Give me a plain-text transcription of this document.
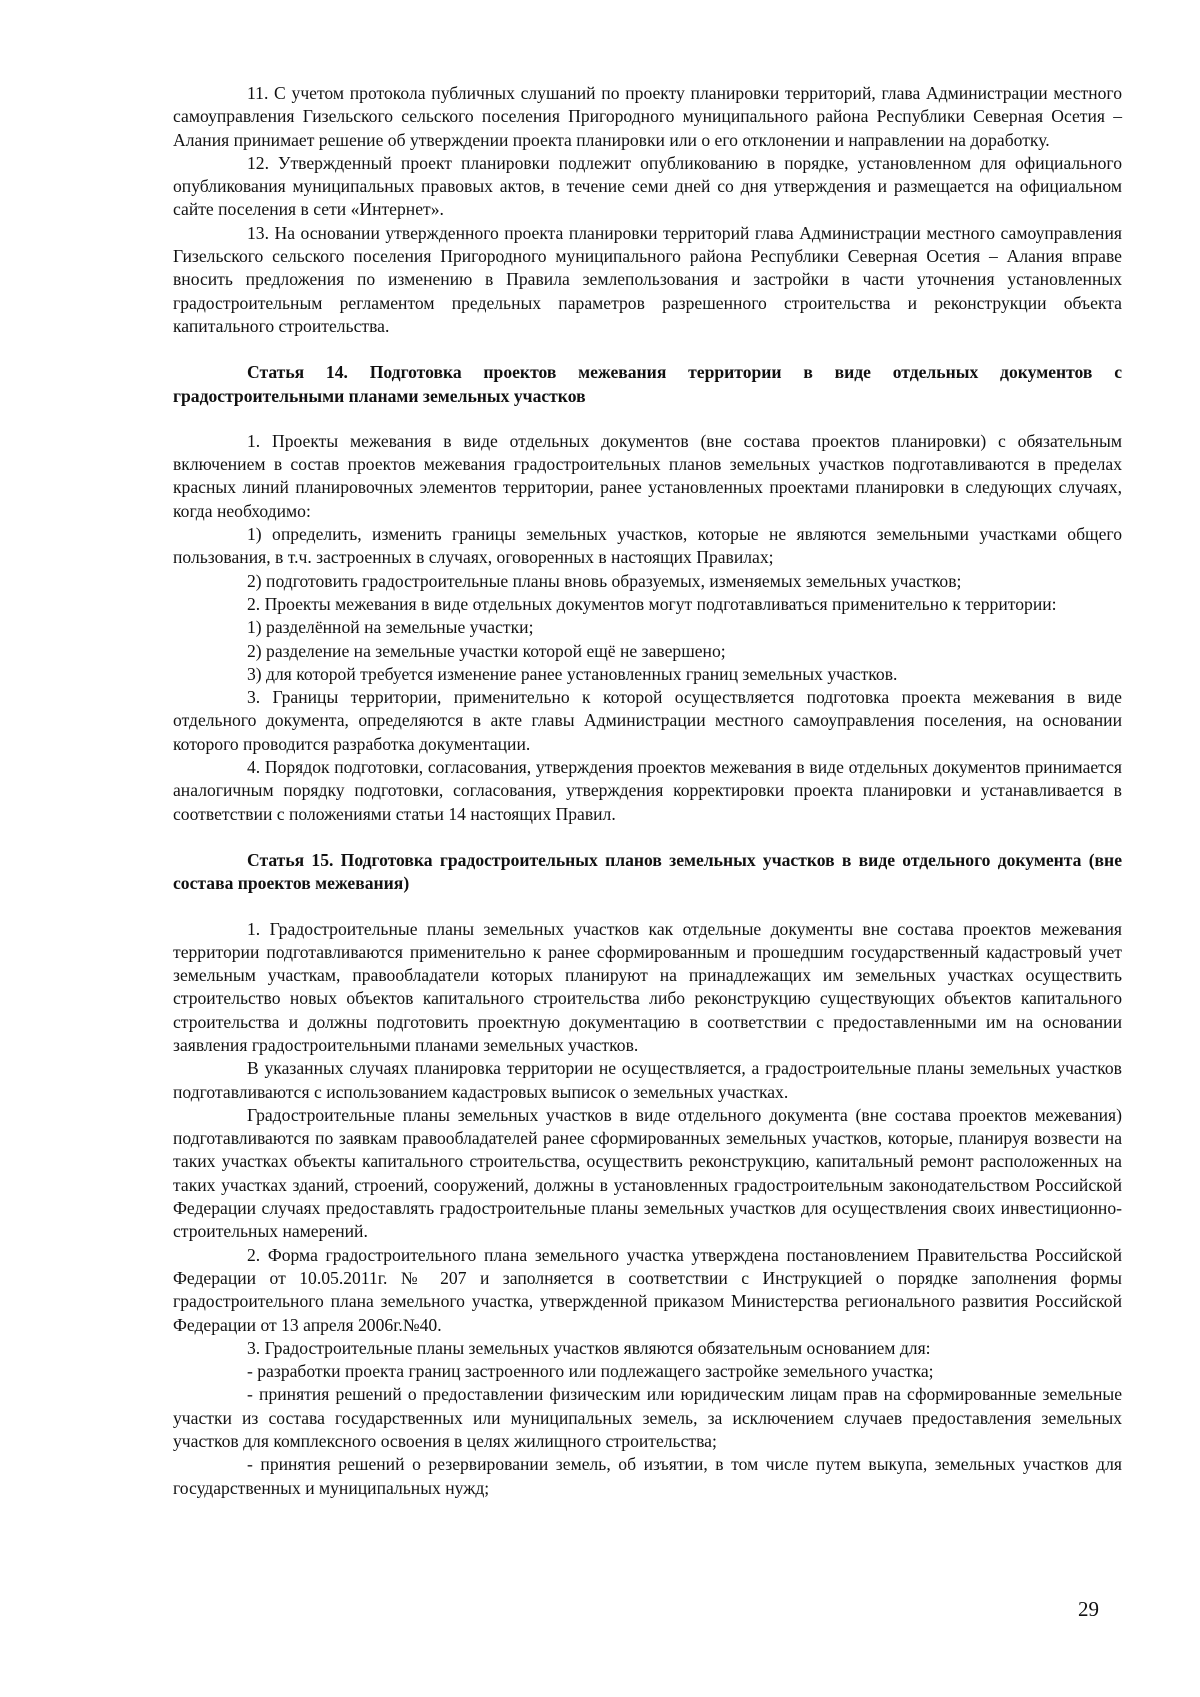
11. С учетом протокола публичных слушаний по проекту планировки территорий, глава Администрации местного самоуправления Гизельского сельского поселения Пригородного муниципального района Республики Северная Осетия – Алания принимает решение об утверждении проекта планировки или о его отклонении и направлении на доработку.

12. Утвержденный проект планировки подлежит опубликованию в порядке, установленном для официального опубликования муниципальных правовых актов, в течение семи дней со дня утверждения и размещается на официальном сайте поселения в сети «Интернет».

13. На основании утвержденного проекта планировки территорий глава Администрации местного самоуправления Гизельского сельского поселения Пригородного муниципального района Республики Северная Осетия – Алания вправе вносить предложения по изменению в Правила землепользования и застройки в части уточнения установленных градостроительным регламентом предельных параметров разрешенного строительства и реконструкции объекта капитального строительства.

Статья 14. Подготовка проектов межевания территории в виде отдельных документов с градостроительными планами земельных участков

1. Проекты межевания в виде отдельных документов (вне состава проектов планировки) с обязательным включением в состав проектов межевания градостроительных планов земельных участков подготавливаются в пределах красных линий планировочных элементов территории, ранее установленных проектами планировки в следующих случаях, когда необходимо:

1) определить, изменить границы земельных участков, которые не являются земельными участками общего пользования, в т.ч. застроенных в случаях, оговоренных в настоящих Правилах;

2) подготовить градостроительные планы вновь образуемых, изменяемых земельных участков;

2. Проекты межевания в виде отдельных документов могут подготавливаться применительно к территории:

1) разделённой на земельные участки;

2) разделение на земельные участки которой ещё не завершено;

3) для которой требуется изменение ранее установленных границ земельных участков.

3. Границы территории, применительно к которой осуществляется подготовка проекта межевания в виде отдельного документа, определяются в акте главы Администрации местного самоуправления поселения, на основании которого проводится разработка документации.

4. Порядок подготовки, согласования, утверждения проектов межевания в виде отдельных документов принимается аналогичным порядку подготовки, согласования, утверждения корректировки проекта планировки и устанавливается в соответствии с положениями статьи 14 настоящих Правил.

Статья 15. Подготовка градостроительных планов земельных участков в виде отдельного документа (вне состава проектов межевания)

1. Градостроительные планы земельных участков как отдельные документы вне состава проектов межевания территории подготавливаются применительно к ранее сформированным и прошедшим государственный кадастровый учет земельным участкам, правообладатели которых планируют на принадлежащих им земельных участках осуществить строительство новых объектов капитального строительства либо реконструкцию существующих объектов капитального строительства и должны подготовить проектную документацию в соответствии с предоставленными им на основании заявления градостроительными планами земельных участков.

В указанных случаях планировка территории не осуществляется, а градостроительные планы земельных участков подготавливаются с использованием кадастровых выписок о земельных участках.

Градостроительные планы земельных участков в виде отдельного документа (вне состава проектов межевания) подготавливаются по заявкам правообладателей ранее сформированных земельных участков, которые, планируя возвести на таких участках объекты капитального строительства, осуществить реконструкцию, капитальный ремонт расположенных на таких участках зданий, строений, сооружений, должны в установленных градостроительным законодательством Российской Федерации случаях предоставлять градостроительные планы земельных участков для осуществления своих инвестиционно-строительных намерений.

2. Форма градостроительного плана земельного участка утверждена постановлением Правительства Российской Федерации от 10.05.2011г. № 207 и заполняется в соответствии с Инструкцией о порядке заполнения формы градостроительного плана земельного участка, утвержденной приказом Министерства регионального развития Российской Федерации от 13 апреля 2006г.№40.

3. Градостроительные планы земельных участков являются обязательным основанием для:

- разработки проекта границ застроенного или подлежащего застройке земельного участка;

- принятия решений о предоставлении физическим или юридическим лицам прав на сформированные земельные участки из состава государственных или муниципальных земель, за исключением случаев предоставления земельных участков для комплексного освоения в целях жилищного строительства;

- принятия решений о резервировании земель, об изъятии, в том числе путем выкупа, земельных участков для государственных и муниципальных нужд;

29
